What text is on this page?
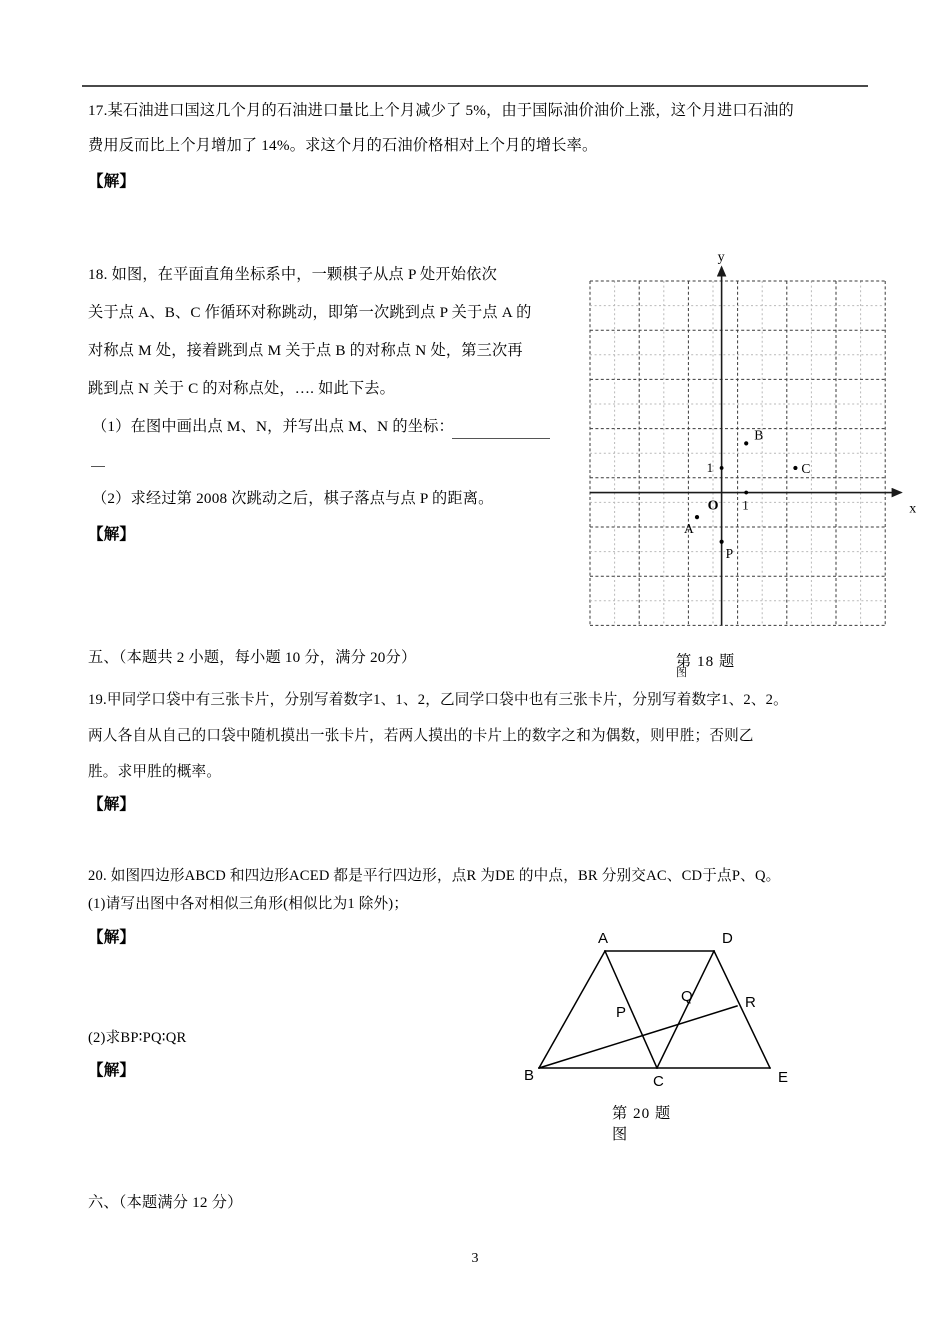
17.某石油进口国这几个月的石油进口量比上个月减少了 5%，由于国际油价油价上涨，这个月进口石油的
费用反而比上个月增加了 14%。求这个月的石油价格相对上个月的增长率。
【解】
18. 如图，在平面直角坐标系中，一颗棋子从点 P 处开始依次
关于点 A、B、C 作循环对称跳动，即第一次跳到点 P 关于点 A 的
对称点 M 处，接着跳到点 M 关于点 B 的对称点 N 处，第三次再
跳到点 N 关于 C 的对称点处，…. 如此下去。
（1）在图中画出点 M、N，并写出点 M、N 的坐标：
（2）求经过第 2008 次跳动之后，棋子落点与点 P 的距离。
【解】
y
x
O
1
1
A
B
C
P
第 18 题
图
五、（本题共 2 小题，每小题 10 分，满分 20分）
19.甲同学口袋中有三张卡片，分别写着数字1、1、2，乙同学口袋中也有三张卡片，分别写着数字1、2、2。
两人各自从自己的口袋中随机摸出一张卡片，若两人摸出的卡片上的数字之和为偶数，则甲胜；否则乙
胜。求甲胜的概率。
【解】
20. 如图四边形ABCD 和四边形ACED 都是平行四边形，点R 为DE 的中点，BR 分别交AC、CD于点P、Q。
(1)请写出图中各对相似三角形(相似比为1 除外)；
【解】
(2)求BP∶PQ∶QR
【解】
A
B	C
D
E
R
P
Q
第 20 题
图
六、（本题满分 12 分）
3
